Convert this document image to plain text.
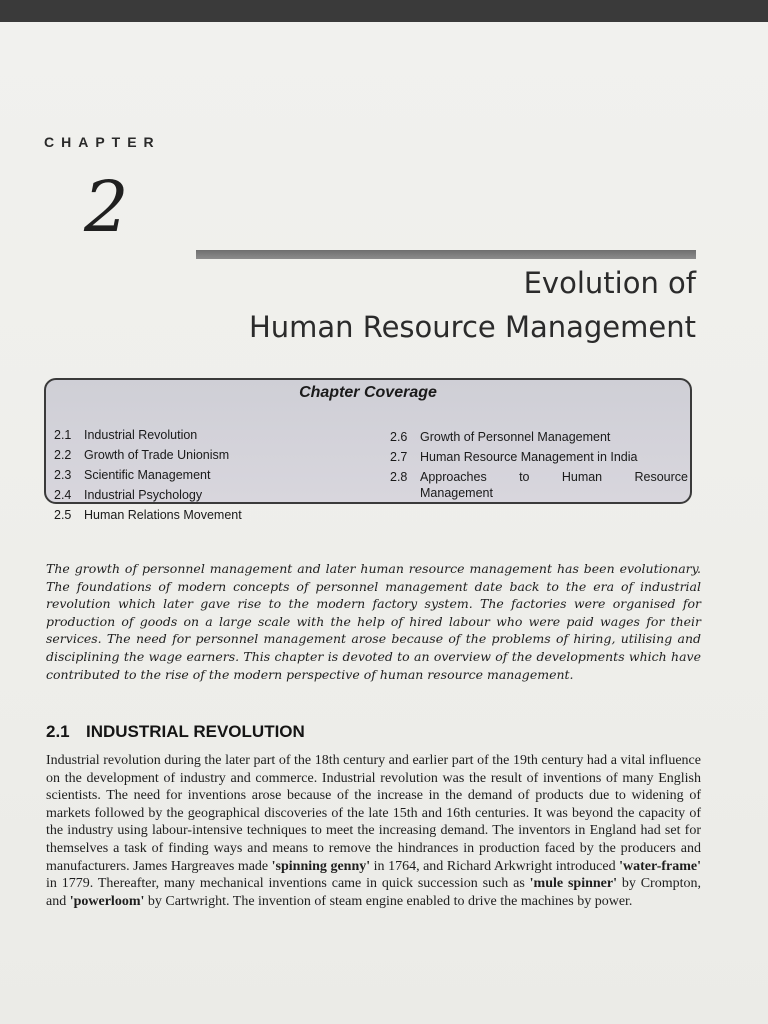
CHAPTER
2
Evolution of
Human Resource Management
Chapter Coverage
2.1 Industrial Revolution
2.2 Growth of Trade Unionism
2.3 Scientific Management
2.4 Industrial Psychology
2.5 Human Relations Movement
2.6 Growth of Personnel Management
2.7 Human Resource Management in India
2.8 Approaches to Human Resource
Management

The growth of personnel management and later human resource management has been evolutionary. The foundations of modern concepts of personnel management date back to the era of industrial revolution which later gave rise to the modern factory system. The factories were organised for production of goods on a large scale with the help of hired labour who were paid wages for their services. The need for personnel management arose because of the problems of hiring, utilising and disciplining the wage earners. This chapter is devoted to an overview of the developments which have contributed to the rise of the modern perspective of human resource management.

2.1 INDUSTRIAL REVOLUTION

Industrial revolution during the later part of the 18th century and earlier part of the 19th century had a vital influence on the development of industry and commerce. Industrial revolution was the result of inventions of many English scientists. The need for inventions arose because of the increase in the demand of products due to widening of markets followed by the geographical discoveries of the late 15th and 16th centuries. It was beyond the capacity of the industry using labour-intensive techniques to meet the increasing demand. The inventors in England had set for themselves a task of finding ways and means to remove the hindrances in production faced by the producers and manufacturers. James Hargreaves made 'spinning genny' in 1764, and Richard Arkwright introduced 'water-frame' in 1779. Thereafter, many mechanical inventions came in quick succession such as 'mule spinner' by Crompton, and 'powerloom' by Cartwright. The invention of steam engine enabled to drive the machines by power.
